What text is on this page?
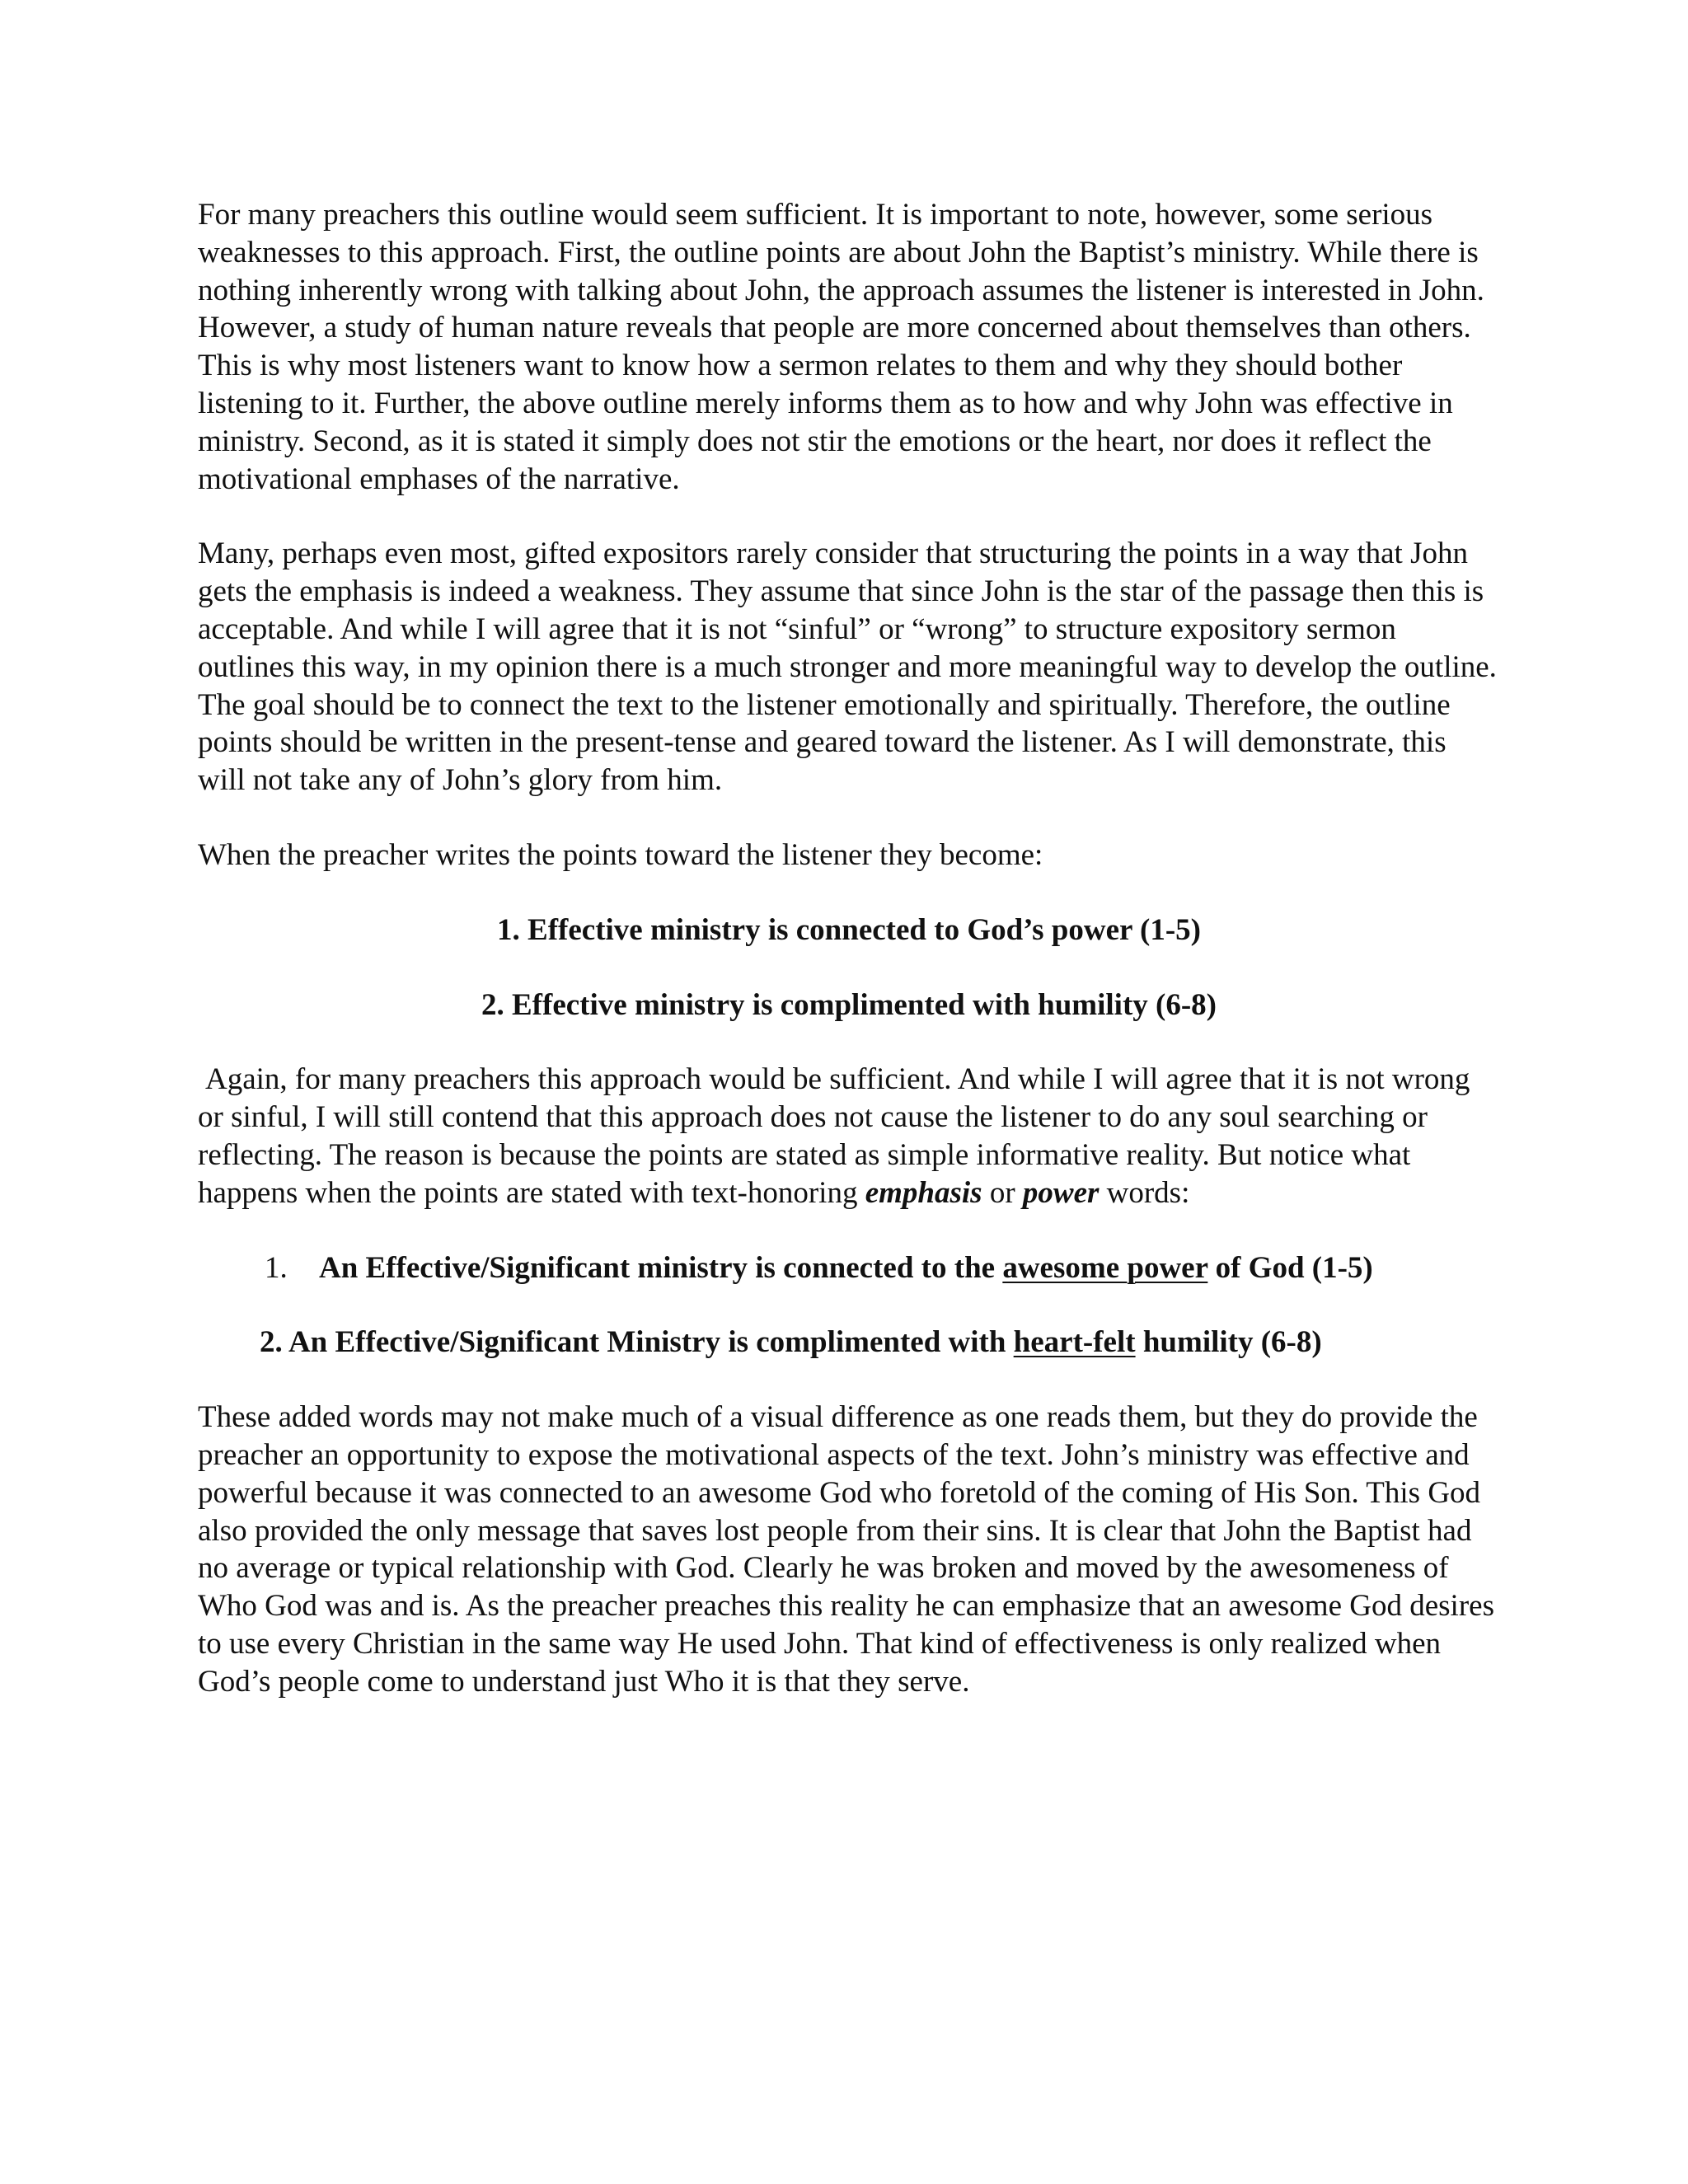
For many preachers this outline would seem sufficient. It is important to note, however, some serious weaknesses to this approach. First, the outline points are about John the Baptist’s ministry. While there is nothing inherently wrong with talking about John, the approach assumes the listener is interested in John. However, a study of human nature reveals that people are more concerned about themselves than others. This is why most listeners want to know how a sermon relates to them and why they should bother listening to it. Further, the above outline merely informs them as to how and why John was effective in ministry. Second, as it is stated it simply does not stir the emotions or the heart, nor does it reflect the motivational emphases of the narrative.

Many, perhaps even most, gifted expositors rarely consider that structuring the points in a way that John gets the emphasis is indeed a weakness. They assume that since John is the star of the passage then this is acceptable. And while I will agree that it is not “sinful” or “wrong” to structure expository sermon outlines this way, in my opinion there is a much stronger and more meaningful way to develop the outline. The goal should be to connect the text to the listener emotionally and spiritually. Therefore, the outline points should be written in the present-tense and geared toward the listener. As I will demonstrate, this will not take any of John’s glory from him.

When the preacher writes the points toward the listener they become:

1. Effective ministry is connected to God’s power (1-5)
2. Effective ministry is complimented with humility (6-8)

Again, for many preachers this approach would be sufficient. And while I will agree that it is not wrong or sinful, I will still contend that this approach does not cause the listener to do any soul searching or reflecting. The reason is because the points are stated as simple informative reality. But notice what happens when the points are stated with text-honoring emphasis or power words:

1. An Effective/Significant ministry is connected to the awesome power of God (1-5)
2. An Effective/Significant Ministry is complimented with heart-felt humility (6-8)

These added words may not make much of a visual difference as one reads them, but they do provide the preacher an opportunity to expose the motivational aspects of the text. John’s ministry was effective and powerful because it was connected to an awesome God who foretold of the coming of His Son. This God also provided the only message that saves lost people from their sins. It is clear that John the Baptist had no average or typical relationship with God. Clearly he was broken and moved by the awesomeness of Who God was and is. As the preacher preaches this reality he can emphasize that an awesome God desires to use every Christian in the same way He used John. That kind of effectiveness is only realized when God’s people come to understand just Who it is that they serve.
